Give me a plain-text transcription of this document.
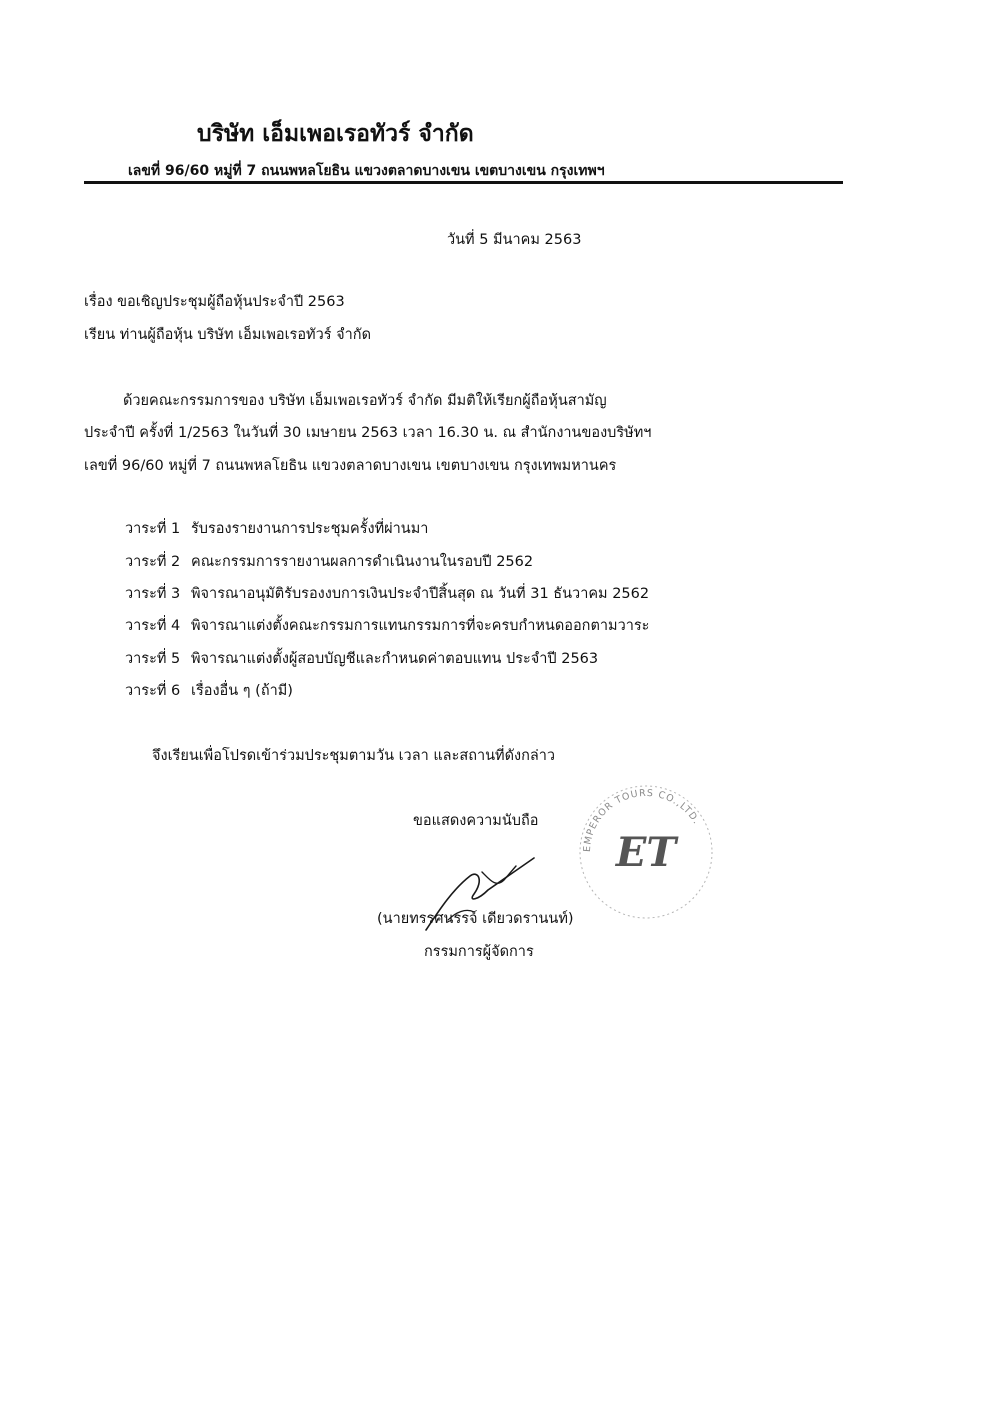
บริษัท เอ็มเพอเรอทัวร์ จำกัด
เลขที่ 96/60 หมู่ที่ 7 ถนนพหลโยธิน แขวงตลาดบางเขน เขตบางเขน กรุงเทพฯ
วันที่ 5 มีนาคม 2563
เรื่อง ขอเชิญประชุมผู้ถือหุ้นประจำปี 2563
เรียน ท่านผู้ถือหุ้น บริษัท เอ็มเพอเรอทัวร์ จำกัด
ด้วยคณะกรรมการของ บริษัท เอ็มเพอเรอทัวร์ จำกัด มีมติให้เรียกผู้ถือหุ้นสามัญ
ประจำปี ครั้งที่ 1/2563 ในวันที่ 30 เมษายน 2563 เวลา 16.30 น. ณ สำนักงานของบริษัทฯ
เลขที่ 96/60 หมู่ที่ 7 ถนนพหลโยธิน แขวงตลาดบางเขน เขตบางเขน กรุงเทพมหานคร
วาระที่ 1 รับรองรายงานการประชุมครั้งที่ผ่านมา
วาระที่ 2 คณะกรรมการรายงานผลการดำเนินงานในรอบปี 2562
วาระที่ 3 พิจารณาอนุมัติรับรองงบการเงินประจำปีสิ้นสุด ณ วันที่ 31 ธันวาคม 2562
วาระที่ 4 พิจารณาแต่งตั้งคณะกรรมการแทนกรรมการที่จะครบกำหนดออกตามวาระ
วาระที่ 5 พิจารณาแต่งตั้งผู้สอบบัญชีและกำหนดค่าตอบแทน ประจำปี 2563
วาระที่ 6 เรื่องอื่น ๆ (ถ้ามี)
จึงเรียนเพื่อโปรดเข้าร่วมประชุมตามวัน เวลา และสถานที่ดังกล่าว
ขอแสดงความนับถือ
EMPEROR TOURS CO.,LTD.
ET
(นายทรรศนรรจ์ เดียวดรานนท์)
กรรมการผู้จัดการ
